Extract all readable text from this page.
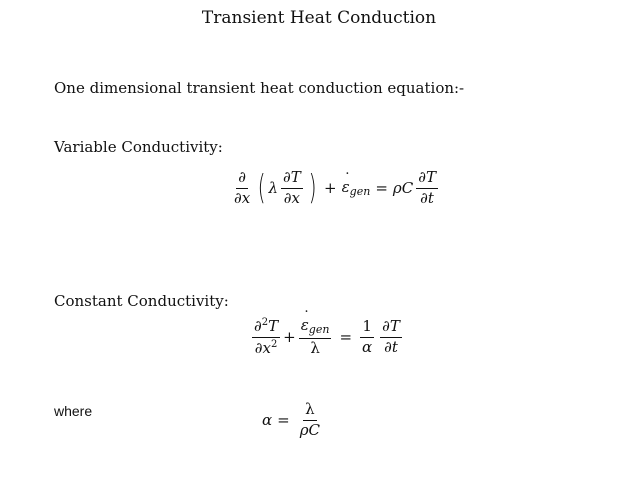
Transient Heat Conduction
One dimensional transient heat conduction equation:-
Variable Conductivity:
$\frac{\partial}{\partial x}$ ( λ $\frac{\partial T}{\partial x}$ ) + ε $˙_{gen} = \rho C \frac{\partial T}{\partial t}$
Constant Conductivity:
$\frac{\partial^2T}{\partial x^2} + \frac{\varepsilon ˙_{gen}}{\lambda} = \frac{1}{\alpha} \frac{\partial T}{\partial t}$
where
$\alpha = \frac{\lambda}{\rho C}$
